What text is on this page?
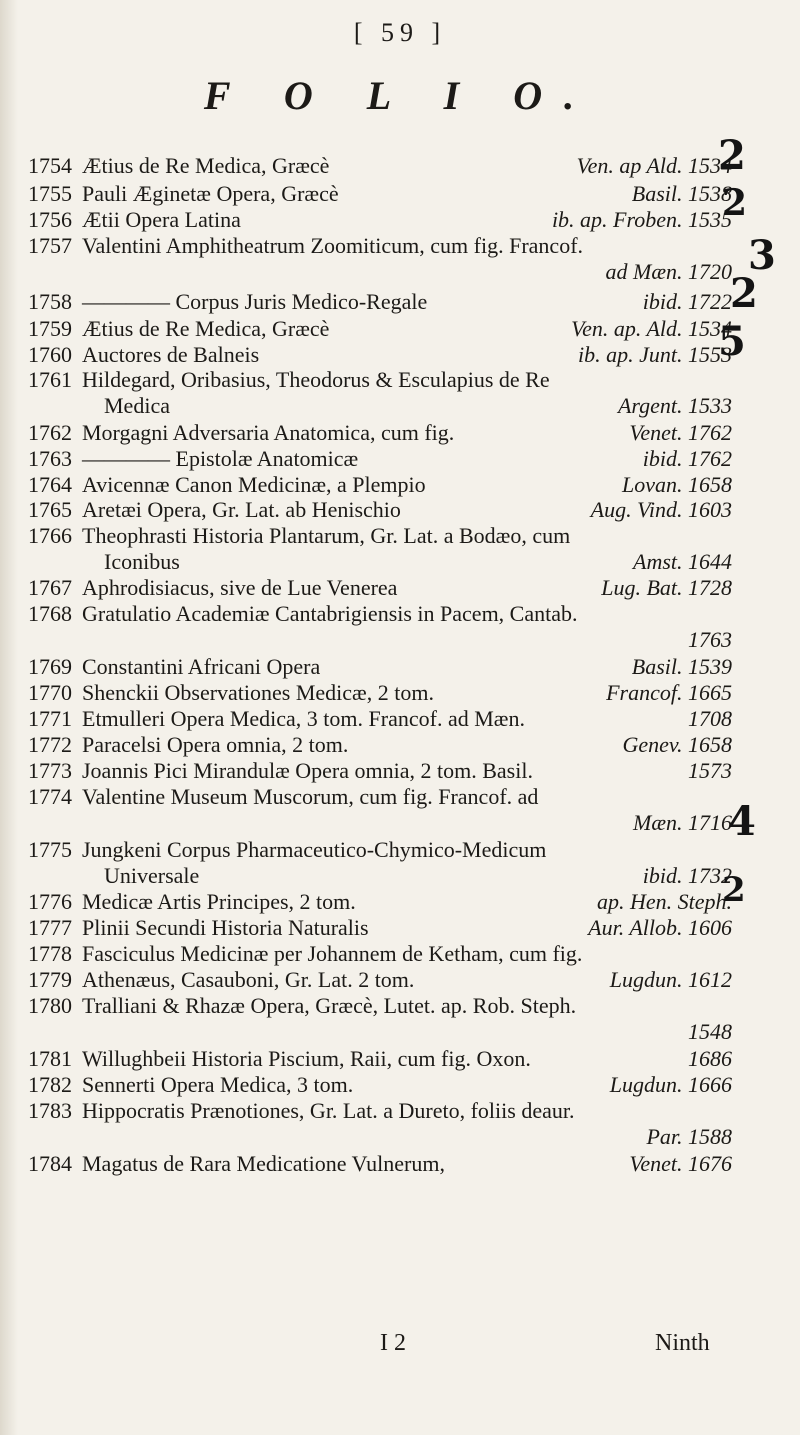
[ 59 ]
F O L I O.
1754 Ætius de Re Medica, Græcè	Ven. ap Ald. 1534
1755 Pauli Æginetæ Opera, Græcè	Basil. 1538
1756 Ætii Opera Latina	ib. ap. Froben. 1535
1757 Valentini Amphitheatrum Zoomiticum, cum fig. Francof.
ad Mæn. 1720
1758 ———— Corpus Juris Medico-Regale	ibid. 1722
1759 Ætius de Re Medica, Græcè	Ven. ap. Ald. 1534
1760 Auctores de Balneis	ib. ap. Junt. 1553
1761 Hildegard, Oribasius, Theodorus & Esculapius de Re
Medica	Argent. 1533
1762 Morgagni Adversaria Anatomica, cum fig.	Venet. 1762
1763 ———— Epistolæ Anatomicæ	ibid. 1762
1764 Avicennæ Canon Medicinæ, a Plempio	Lovan. 1658
1765 Aretæi Opera, Gr. Lat. ab Henischio	Aug. Vind. 1603
1766 Theophrasti Historia Plantarum, Gr. Lat. a Bodæo, cum
Iconibus	Amst. 1644
1767 Aphrodisiacus, sive de Lue Venerea	Lug. Bat. 1728
1768 Gratulatio Academiæ Cantabrigiensis in Pacem, Cantab.
1763
1769 Constantini Africani Opera	Basil. 1539
1770 Shenckii Observationes Medicæ, 2 tom.	Francof. 1665
1771 Etmulleri Opera Medica, 3 tom. Francof. ad Mæn.	1708
1772 Paracelsi Opera omnia, 2 tom.	Genev. 1658
1773 Joannis Pici Mirandulæ Opera omnia, 2 tom. Basil.	1573
1774 Valentine Museum Muscorum, cum fig. Francof. ad
Mæn. 1716
1775 Jungkeni Corpus Pharmaceutico-Chymico-Medicum
Universale	ibid. 1732
1776 Medicæ Artis Principes, 2 tom.	ap. Hen. Steph.
1777 Plinii Secundi Historia Naturalis	Aur. Allob. 1606
1778 Fasciculus Medicinæ per Johannem de Ketham, cum fig.
1779 Athenæus, Casauboni, Gr. Lat. 2 tom.	Lugdun. 1612
1780 Tralliani & Rhazæ Opera, Græcè, Lutet. ap. Rob. Steph.
1548
1781 Willughbeii Historia Piscium, Raii, cum fig. Oxon.	1686
1782 Sennerti Opera Medica, 3 tom.	Lugdun. 1666
1783 Hippocratis Prænotiones, Gr. Lat. a Dureto, foliis deaur.
Par. 1588
1784 Magatus de Rara Medicatione Vulnerum,	Venet. 1676
2
2
3
2
5
4
2
I 2	Ninth
